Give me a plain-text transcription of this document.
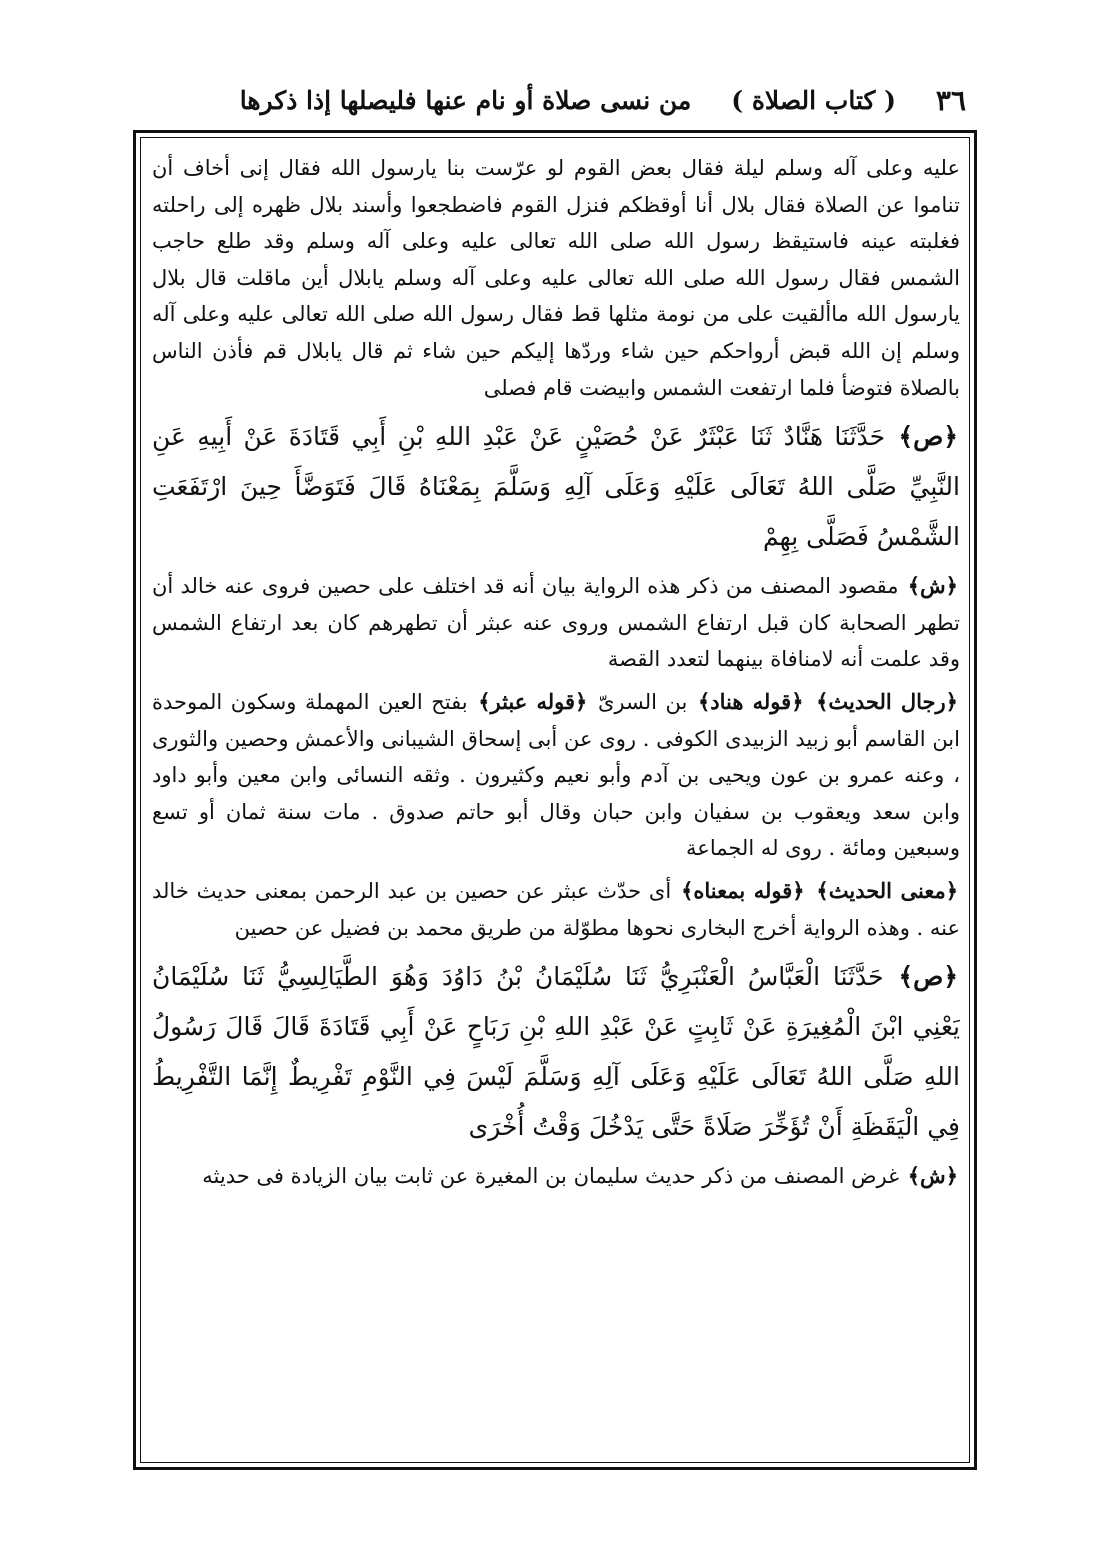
٣٦
( كتاب الصلاة )
من نسى صلاة أو نام عنها فليصلها إذا ذكرها

عليه وعلى آله وسلم ليلة فقال بعض القوم لو عرّست بنا يارسول الله فقال إنى أخاف أن تناموا عن الصلاة فقال بلال أنا أوقظكم فنزل القوم فاضطجعوا وأسند بلال ظهره إلى راحلته فغلبته عينه فاستيقظ رسول الله صلى الله تعالى عليه وعلى آله وسلم وقد طلع حاجب الشمس فقال رسول الله صلى الله تعالى عليه وعلى آله وسلم يابلال أين ماقلت قال بلال يارسول الله ماألقيت على من نومة مثلها قط فقال رسول الله صلى الله تعالى عليه وعلى آله وسلم إن الله قبض أرواحكم حين شاء وردّها إليكم حين شاء ثم قال يابلال قم فأذن الناس بالصلاة فتوضأ فلما ارتفعت الشمس وابيضت قام فصلى

﴿ص﴾ حَدَّثَنَا هَنَّادٌ ثَنَا عَبْثَرٌ عَنْ حُصَيْنٍ عَنْ عَبْدِ اللهِ بْنِ أَبِي قَتَادَةَ عَنْ أَبِيهِ عَنِ النَّبِيِّ صَلَّى اللهُ تَعَالَى عَلَيْهِ وَعَلَى آلِهِ وَسَلَّمَ بِمَعْنَاهُ قَالَ فَتَوَضَّأَ حِينَ ارْتَفَعَتِ الشَّمْسُ فَصَلَّى بِهِمْ

﴿ش﴾ مقصود المصنف من ذكر هذه الرواية بيان أنه قد اختلف على حصين فروى عنه خالد أن تطهر الصحابة كان قبل ارتفاع الشمس وروى عنه عبثر أن تطهرهم كان بعد ارتفاع الشمس وقد علمت أنه لامنافاة بينهما لتعدد القصة

﴿رجال الحديث﴾ ﴿قوله هناد﴾ بن السرىّ ﴿قوله عبثر﴾ بفتح العين المهملة وسكون الموحدة ابن القاسم أبو زبيد الزبيدى الكوفى . روى عن أبى إسحاق الشيبانى والأعمش وحصين والثورى ، وعنه عمرو بن عون ويحيى بن آدم وأبو نعيم وكثيرون . وثقه النسائى وابن معين وأبو داود وابن سعد ويعقوب بن سفيان وابن حبان وقال أبو حاتم صدوق . مات سنة ثمان أو تسع وسبعين ومائة . روى له الجماعة

﴿معنى الحديث﴾ ﴿قوله بمعناه﴾ أى حدّث عبثر عن حصين بن عبد الرحمن بمعنى حديث خالد عنه . وهذه الرواية أخرج البخارى نحوها مطوّلة من طريق محمد بن فضيل عن حصين

﴿ص﴾ حَدَّثَنَا الْعَبَّاسُ الْعَنْبَرِيُّ ثَنَا سُلَيْمَانُ بْنُ دَاوُدَ وَهُوَ الطَّيَالِسِيُّ ثَنَا سُلَيْمَانُ يَعْنِي ابْنَ الْمُغِيرَةِ عَنْ ثَابِتٍ عَنْ عَبْدِ اللهِ بْنِ رَبَاحٍ عَنْ أَبِي قَتَادَةَ قَالَ قَالَ رَسُولُ اللهِ صَلَّى اللهُ تَعَالَى عَلَيْهِ وَعَلَى آلِهِ وَسَلَّمَ لَيْسَ فِي النَّوْمِ تَفْرِيطٌ إِنَّمَا التَّفْرِيطُ فِي الْيَقَظَةِ أَنْ تُؤَخِّرَ صَلَاةً حَتَّى يَدْخُلَ وَقْتُ أُخْرَى

﴿ش﴾ غرض المصنف من ذكر حديث سليمان بن المغيرة عن ثابت بيان الزيادة فى حديثه
